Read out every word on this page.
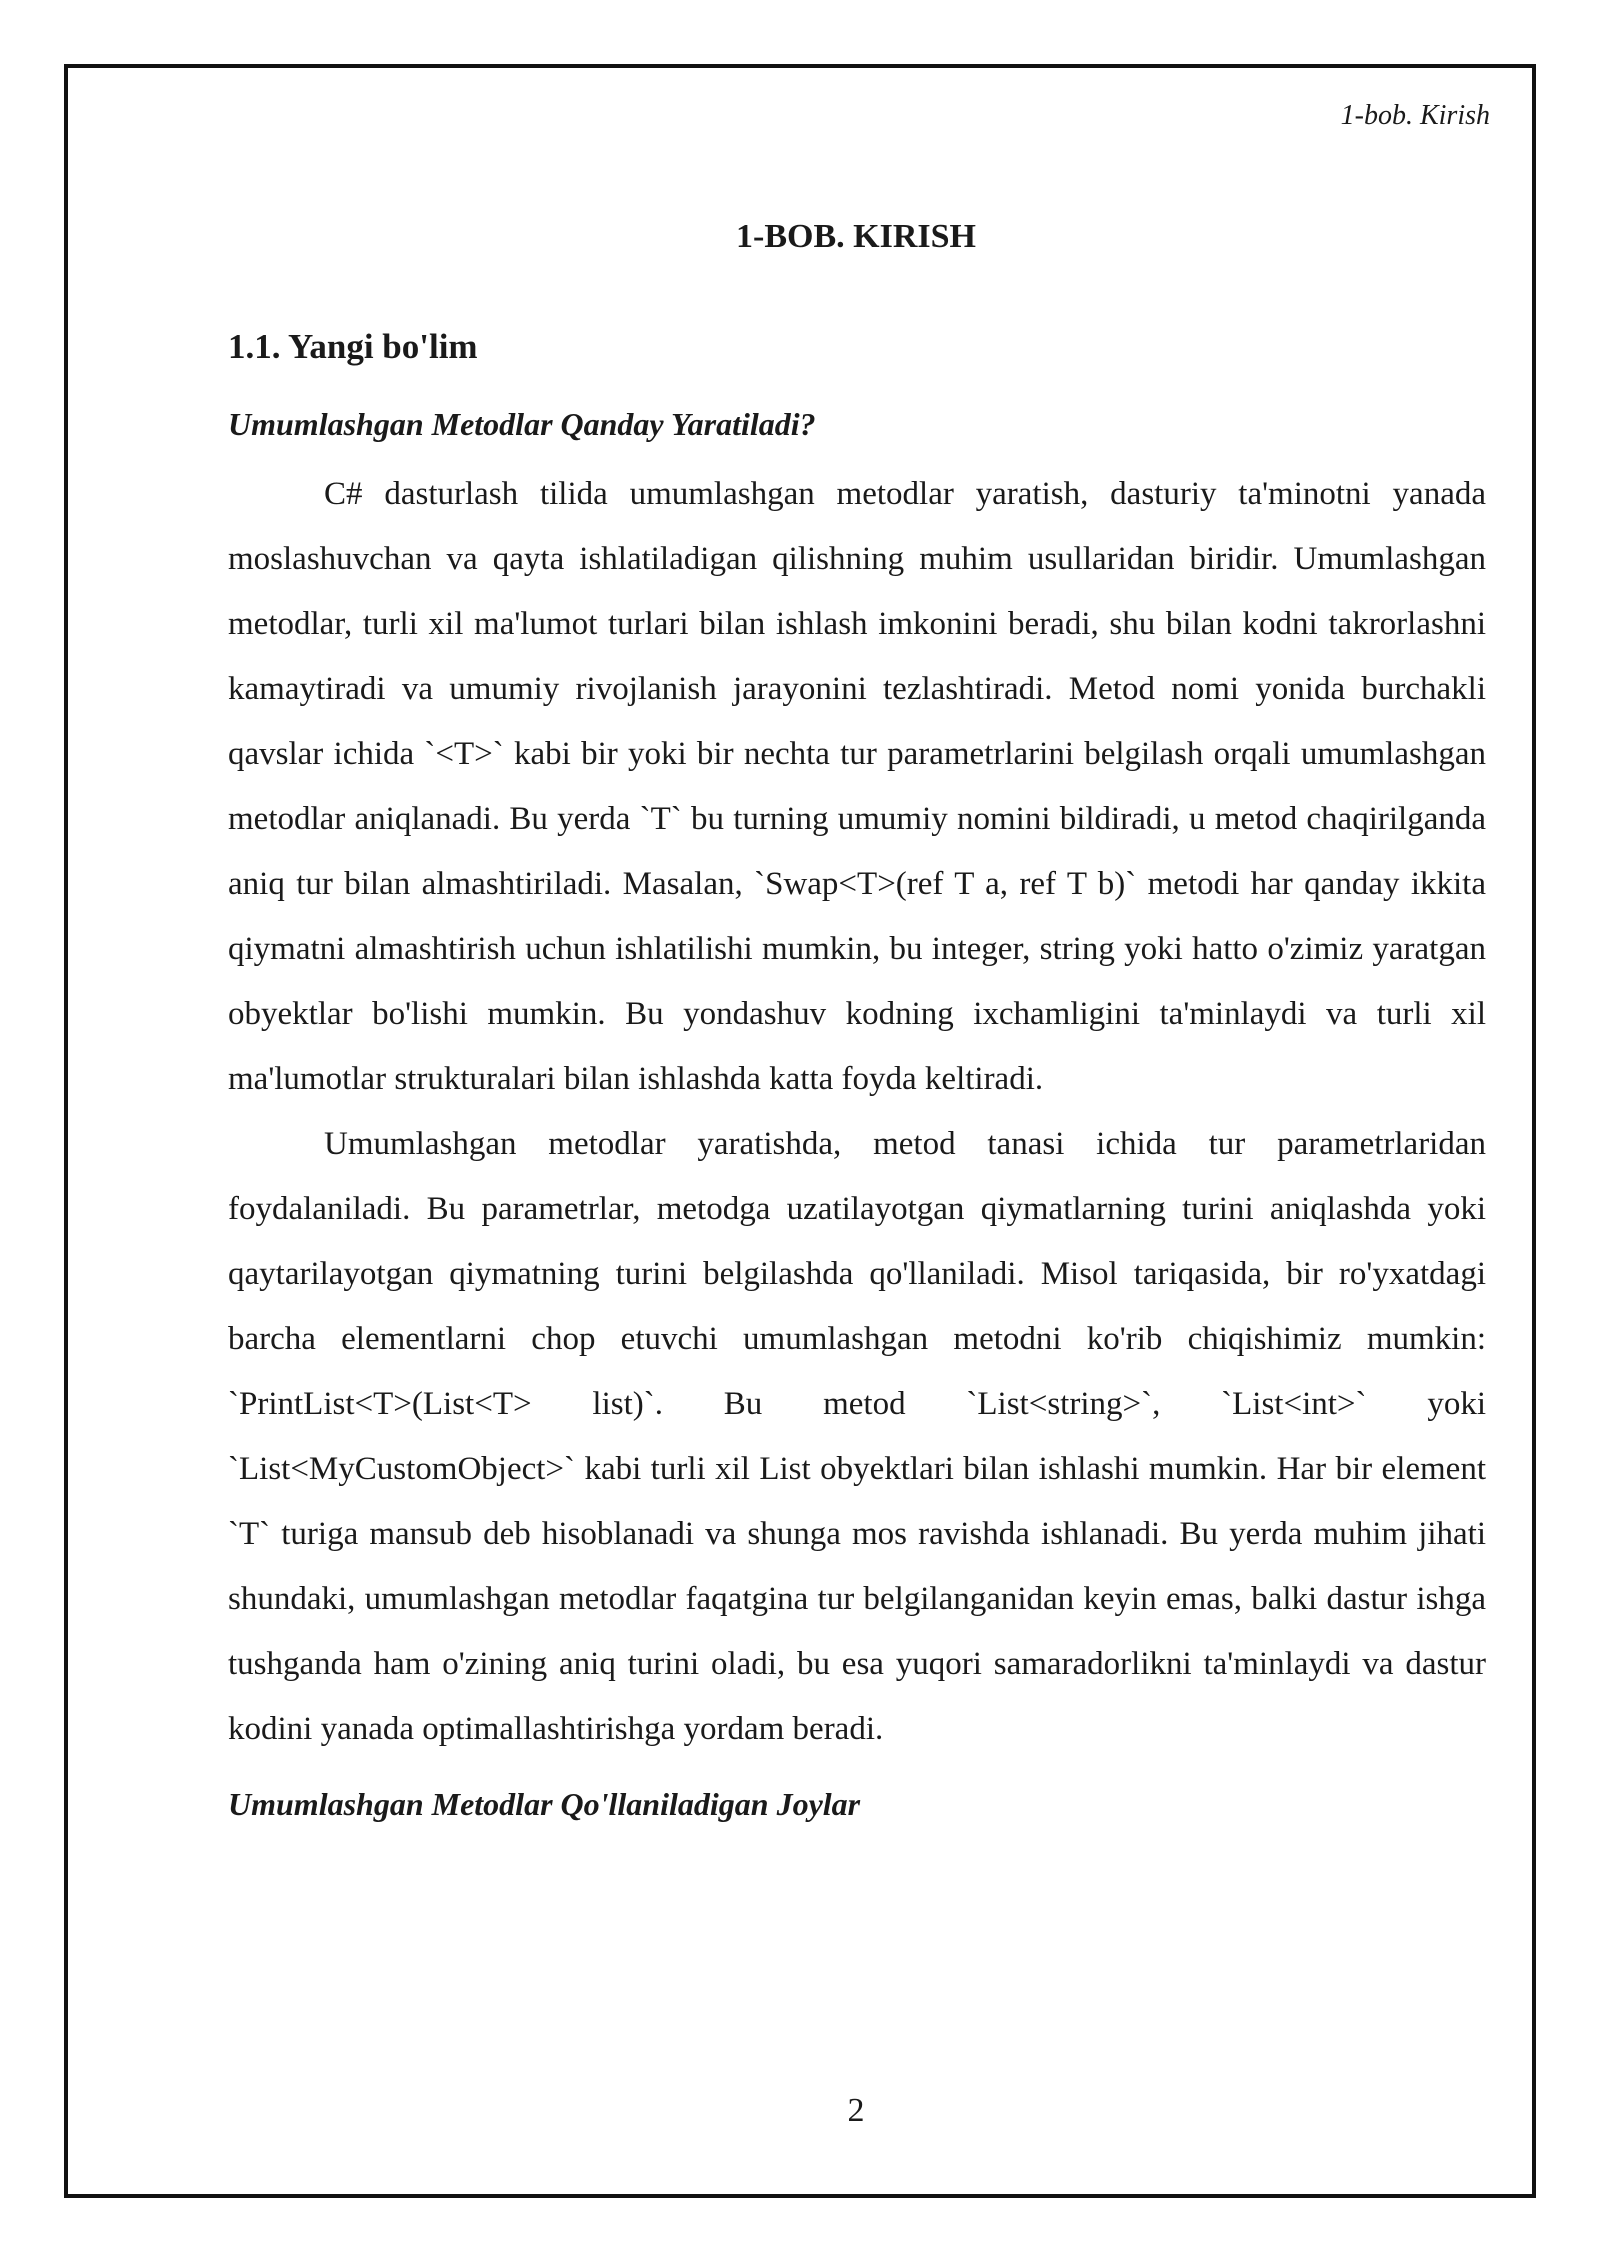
1-bob. Kirish
1-BOB. KIRISH
1.1. Yangi bo'lim
Umumlashgan Metodlar Qanday Yaratiladi?

C# dasturlash tilida umumlashgan metodlar yaratish, dasturiy ta'minotni yanada moslashuvchan va qayta ishlatiladigan qilishning muhim usullaridan biridir. Umumlashgan metodlar, turli xil ma'lumot turlari bilan ishlash imkonini beradi, shu bilan kodni takrorlashni kamaytiradi va umumiy rivojlanish jarayonini tezlashtiradi. Metod nomi yonida burchakli qavslar ichida `<T>` kabi bir yoki bir nechta tur parametrlarini belgilash orqali umumlashgan metodlar aniqlanadi. Bu yerda `T` bu turning umumiy nomini bildiradi, u metod chaqirilganda aniq tur bilan almashtiriladi. Masalan, `Swap<T>(ref T a, ref T b)` metodi har qanday ikkita qiymatni almashtirish uchun ishlatilishi mumkin, bu integer, string yoki hatto o'zimiz yaratgan obyektlar bo'lishi mumkin. Bu yondashuv kodning ixchamligini ta'minlaydi va turli xil ma'lumotlar strukturalari bilan ishlashda katta foyda keltiradi.

Umumlashgan metodlar yaratishda, metod tanasi ichida tur parametrlaridan foydalaniladi. Bu parametrlar, metodga uzatilayotgan qiymatlarning turini aniqlashda yoki qaytarilayotgan qiymatning turini belgilashda qo'llaniladi. Misol tariqasida, bir ro'yxatdagi barcha elementlarni chop etuvchi umumlashgan metodni ko'rib chiqishimiz mumkin: `PrintList<T>(List<T> list)`. Bu metod `List<string>`, `List<int>` yoki `List<MyCustomObject>` kabi turli xil List obyektlari bilan ishlashi mumkin. Har bir element `T` turiga mansub deb hisoblanadi va shunga mos ravishda ishlanadi. Bu yerda muhim jihati shundaki, umumlashgan metodlar faqatgina tur belgilanganidan keyin emas, balki dastur ishga tushganda ham o'zining aniq turini oladi, bu esa yuqori samaradorlikni ta'minlaydi va dastur kodini yanada optimallashtirishga yordam beradi.

Umumlashgan Metodlar Qo'llaniladigan Joylar
2
